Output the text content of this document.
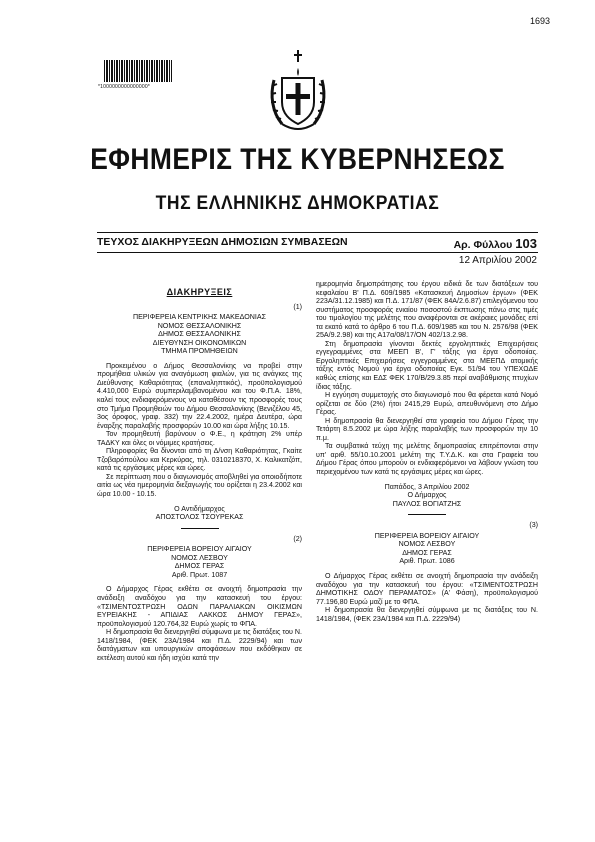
1693
*1000000000000000*
ΕΦΗΜΕΡΙΣ ΤΗΣ ΚΥΒΕΡΝΗΣΕΩΣ
ΤΗΣ ΕΛΛΗΝΙΚΗΣ ΔΗΜΟΚΡΑΤΙΑΣ
ΤΕΥΧΟΣ ΔΙΑΚΗΡΥΞΕΩΝ ΔΗΜΟΣΙΩΝ ΣΥΜΒΑΣΕΩΝ	Αρ. Φύλλου 103
12 Απριλίου 2002
ΔΙΑΚΗΡΥΞΕΙΣ
(1)
ΠΕΡΙΦΕΡΕΙΑ ΚΕΝΤΡΙΚΗΣ ΜΑΚΕΔΟΝΙΑΣ
ΝΟΜΟΣ ΘΕΣΣΑΛΟΝΙΚΗΣ
ΔΗΜΟΣ ΘΕΣΣΑΛΟΝΙΚΗΣ
ΔΙΕΥΘΥΝΣΗ ΟΙΚΟΝΟΜΙΚΩΝ
ΤΜΗΜΑ ΠΡΟΜΗΘΕΙΩΝ

Προκειμένου ο Δήμος Θεσσαλονίκης να προβεί στην προμήθεια υλικών για αναγόμωση φιαλών, για τις ανάγκες της Διεύθυνσης Καθαριότητας (επαναληπτικός), προϋπολογισμού 4.410,000 Ευρώ συμπεριλαμβανομένου και του Φ.Π.Α. 18%, καλεί τους ενδιαφερόμενους να καταθέσουν τις προσφορές τους στο Τμήμα Προμηθειών του Δήμου Θεσσαλονίκης (Βενιζέλου 45, 3ος όροφος, γραφ. 332) την 22.4.2002, ημέρα Δευτέρα, ώρα έναρξης παραλαβής προσφορών 10.00 και ώρα λήξης 10.15.

Τον προμηθευτή βαρύνουν ο Φ.Ε., η κράτηση 2% υπέρ ΤΑΔΚΥ και όλες οι νόμιμες κρατήσεις.

Πληροφορίες θα δίνονται από τη Δ/νση Καθαριότητας, Γκαίτε Τζοβαρόπούλου και Κερκύρας, τηλ. 0310218370, Χ. Καλικατζόπ, κατά τις εργάσιμες μέρες και ώρες.

Σε περίπτωση που ο διαγωνισμός αποβληθεί για οποιοδήποτε αιτία ως νέα ημερομηνία διεξαγωγής του ορίζεται η 23.4.2002 και ώρα 10.00 - 10.15.

Ο Αντιδήμαρχος
ΑΠΟΣΤΟΛΟΣ ΤΣΟΥΡΕΚΑΣ
(2)
ΠΕΡΙΦΕΡΕΙΑ ΒΟΡΕΙΟΥ ΑΙΓΑΙΟΥ
ΝΟΜΟΣ ΛΕΣΒΟΥ
ΔΗΜΟΣ ΓΕΡΑΣ
Αριθ. Πρωτ. 1087

Ο Δήμαρχος Γέρας εκθέτει σε ανοιχτή δημοπρασία την ανάδειξη αναδόχου για την κατασκευή του έργου: «ΤΣΙΜΕΝΤΟΣΤΡΩΣΗ ΟΔΩΝ ΠΑΡΑΛΙΑΚΩΝ ΟΙΚΙΣΜΩΝ ΕΥΡΕΙΑΚΗΣ - ΑΠΙΔΙΑΣ ΛΑΚΚΟΣ ΔΗΜΟΥ ΓΕΡΑΣ», προϋπολογισμού 120.764,32 Ευρώ χωρίς το ΦΠΑ.

Η δημοπρασία θα διενεργηθεί σύμφωνα με τις διατάξεις του Ν. 1418/1984, (ΦΕΚ 23Α/1984 και Π.Δ. 2229/94) και των διατάγματων και υπουργικών αποφάσεων που εκδόθηκαν σε εκτέλεση αυτού και ήδη ισχύει κατά την

ημερομηνία δημοπράτησης του έργου ειδικά δε των διατάξεων του κεφαλαίου Β' Π.Δ. 609/1985 «Κατασκευή Δημοσίων έργων» (ΦΕΚ 223Α/31.12.1985) και Π.Δ. 171/87 (ΦΕΚ 84Α/2.6.87) επιλεγόμενου του συστήματος προσφοράς ενιαίου ποσοστού έκπτωσης πάνω στις τιμές του τιμολογίου της μελέτης που αναφέρονται σε ακέραιες μονάδες επί τα εκατό κατά το άρθρο 6 του Π.Δ. 609/1985 και του Ν. 2576/98 (ΦΕΚ 25Α/9.2.98) και της Α17α/08/17/ΟΝ 402/13.2.98.

Στη δημοπρασία γίνονται δεκτές εργοληπτικές Επιχειρήσεις εγγεγραμμένες στα ΜΕΕΠ Β', Γ' τάξης για έργα οδοποιίας. Εργοληπτικές Επιχειρήσεις εγγεγραμμένες στα ΜΕΕΠΔ ατομικής τάξης εντός Νομού για έργα οδοποιίας Εγκ. 51/94 του ΥΠΕΧΩΔΕ καθώς επίσης και ΕΔΣ ΦΕΚ 170/Β/29.3.85 περί αναβάθμισης πτυχίων ίδιας τάξης.

Η εγγύηση συμμετοχής στο διαγωνισμό που θα φέρεται κατά Νομό ορίζεται σε δύο (2%) ήτοι 2415,29 Ευρώ, απευθυνόμενη στο Δήμο Γέρας.

Η δημοπρασία θα διενεργηθεί στα γραφεία του Δήμου Γέρας την Τετάρτη 8.5.2002 με ώρα λήξης παραλαβής των προσφορών την 10 π.μ.

Τα συμβατικά τεύχη της μελέτης δημοπρασίας επιτρέπονται στην υπ' αριθ. 55/10.10.2001 μελέτη της Τ.Υ.Δ.Κ. και στα Γραφεία του Δήμου Γέρας όπου μπορούν οι ενδιαφερόμενοι να λάβουν γνώση του περιεχομένου των κατά τις εργάσιμες μέρες και ώρες.

Παπάδος, 3 Απριλίου 2002
Ο Δήμαρχος
ΠΑΥΛΟΣ ΒΟΓΙΑΤΖΗΣ
(3)
ΠΕΡΙΦΕΡΕΙΑ ΒΟΡΕΙΟΥ ΑΙΓΑΙΟΥ
ΝΟΜΟΣ ΛΕΣΒΟΥ
ΔΗΜΟΣ ΓΕΡΑΣ
Αριθ. Πρωτ. 1086

Ο Δήμαρχος Γέρας εκθέτει σε ανοιχτή δημοπρασία την ανάδειξη αναδόχου για την κατασκευή του έργου: «ΤΣΙΜΕΝΤΟΣΤΡΩΣΗ ΔΗΜΟΤΙΚΗΣ ΟΔΟΥ ΠΕΡΑΜΑΤΟΣ» (Α' Φάση), προϋπολογισμού 77.196,80 Ευρώ μαζί με το ΦΠΑ.

Η δημοπρασία θα διενεργηθεί σύμφωνα με τις διατάξεις του Ν. 1418/1984, (ΦΕΚ 23Α/1984 και Π.Δ. 2229/94)
